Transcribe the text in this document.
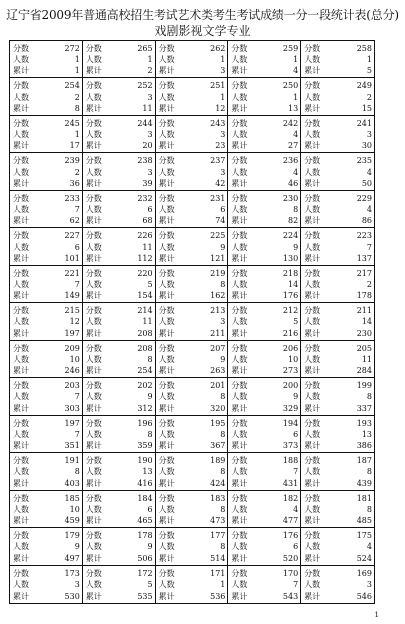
辽宁省2009年普通高校招生考试艺术类考生考试成绩一分一段统计表(总分)
戏剧影视文学专业
分数	272
人数	1
累计	1
分数	265
人数	1
累计	2
分数	262
人数	1
累计	3
分数	259
人数	1
累计	4
分数	258
人数	1
累计	5
分数	254
人数	2
累计	8
分数	252
人数	3
累计	11
分数	251
人数	1
累计	12
分数	250
人数	1
累计	13
分数	249
人数	2
累计	15
分数	245
人数	1
累计	17
分数	244
人数	3
累计	20
分数	243
人数	3
累计	23
分数	242
人数	4
累计	27
分数	241
人数	3
累计	30
分数	239
人数	2
累计	36
分数	238
人数	3
累计	39
分数	237
人数	3
累计	42
分数	236
人数	4
累计	46
分数	235
人数	4
累计	50
分数	233
人数	7
累计	62
分数	232
人数	6
累计	68
分数	231
人数	6
累计	74
分数	230
人数	8
累计	82
分数	229
人数	4
累计	86
分数	227
人数	6
累计	101
分数	226
人数	11
累计	112
分数	225
人数	9
累计	121
分数	224
人数	9
累计	130
分数	223
人数	7
累计	137
分数	221
人数	7
累计	149
分数	220
人数	5
累计	154
分数	219
人数	8
累计	162
分数	218
人数	14
累计	176
分数	217
人数	2
累计	178
分数	215
人数	12
累计	197
分数	214
人数	11
累计	208
分数	213
人数	3
累计	211
分数	212
人数	5
累计	216
分数	211
人数	14
累计	230
分数	209
人数	10
累计	246
分数	208
人数	8
累计	254
分数	207
人数	9
累计	263
分数	206
人数	10
累计	273
分数	205
人数	11
累计	284
分数	203
人数	7
累计	303
分数	202
人数	9
累计	312
分数	201
人数	8
累计	320
分数	200
人数	9
累计	329
分数	199
人数	8
累计	337
分数	197
人数	7
累计	351
分数	196
人数	8
累计	359
分数	195
人数	8
累计	367
分数	194
人数	6
累计	373
分数	193
人数	13
累计	386
分数	191
人数	8
累计	403
分数	190
人数	13
累计	416
分数	189
人数	8
累计	424
分数	188
人数	7
累计	431
分数	187
人数	8
累计	439
分数	185
人数	10
累计	459
分数	184
人数	6
累计	465
分数	183
人数	8
累计	473
分数	182
人数	4
累计	477
分数	181
人数	8
累计	485
分数	179
人数	9
累计	497
分数	178
人数	9
累计	506
分数	177
人数	8
累计	514
分数	176
人数	6
累计	520
分数	175
人数	4
累计	524
分数	173
人数	3
累计	530
分数	172
人数	5
累计	535
分数	171
人数	1
累计	536
分数	170
人数	7
累计	543
分数	169
人数	3
累计	546
1
